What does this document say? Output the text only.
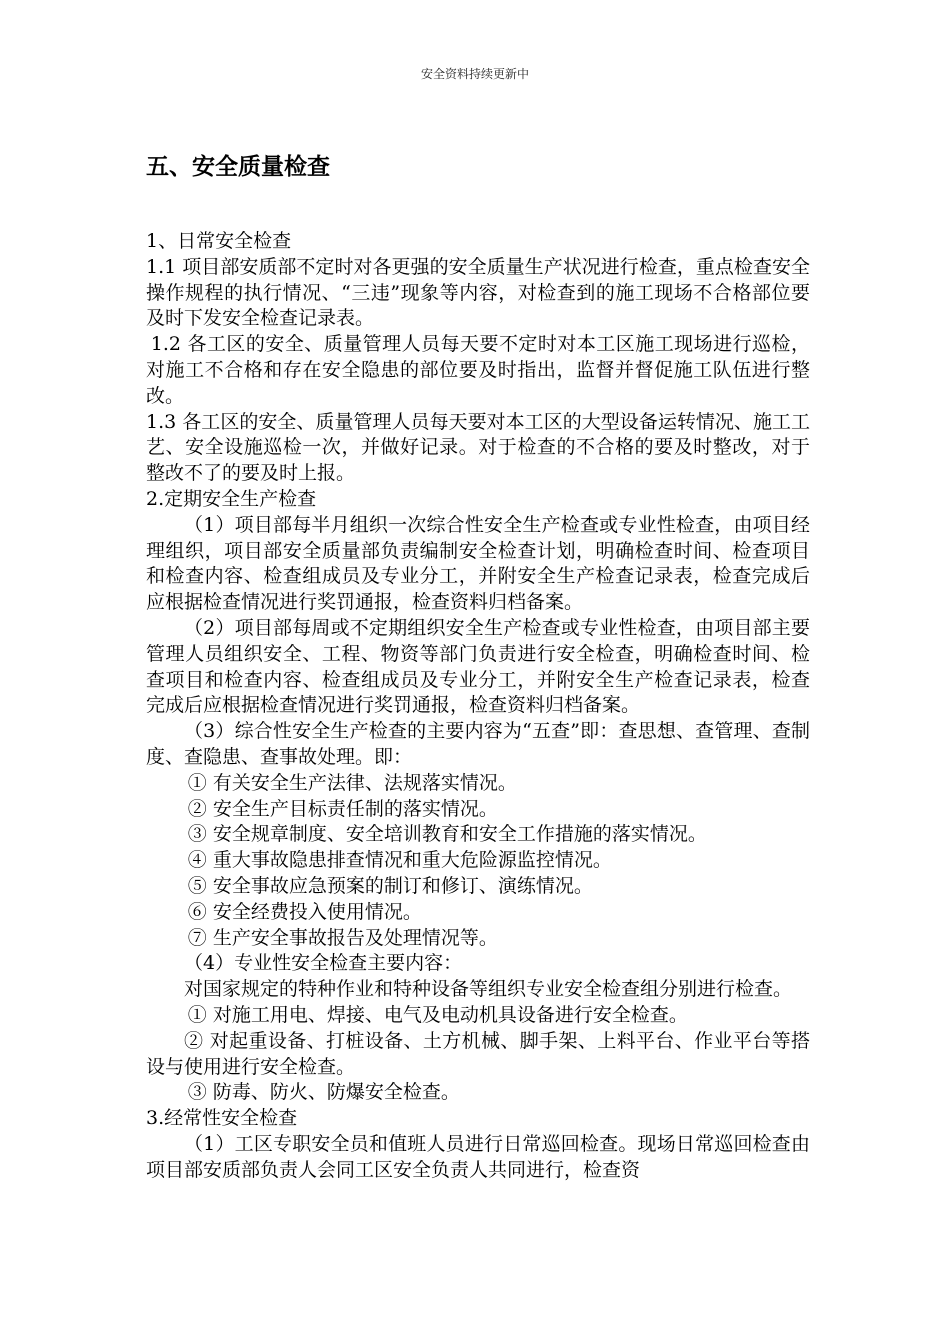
安全资料持续更新中
五、安全质量检查

1、日常安全检查

1.1 项目部安质部不定时对各更强的安全质量生产状况进行检查，重点检查安全操作规程的执行情况、“三违”现象等内容，对检查到的施工现场不合格部位要及时下发安全检查记录表。

1.2 各工区的安全、质量管理人员每天要不定时对本工区施工现场进行巡检，对施工不合格和存在安全隐患的部位要及时指出，监督并督促施工队伍进行整改。

1.3 各工区的安全、质量管理人员每天要对本工区的大型设备运转情况、施工工艺、安全设施巡检一次，并做好记录。对于检查的不合格的要及时整改，对于整改不了的要及时上报。

2.定期安全生产检查

（1）项目部每半月组织一次综合性安全生产检查或专业性检查，由项目经理组织，项目部安全质量部负责编制安全检查计划，明确检查时间、检查项目和检查内容、检查组成员及专业分工，并附安全生产检查记录表，检查完成后应根据检查情况进行奖罚通报，检查资料归档备案。

（2）项目部每周或不定期组织安全生产检查或专业性检查，由项目部主要管理人员组织安全、工程、物资等部门负责进行安全检查，明确检查时间、检查项目和检查内容、检查组成员及专业分工，并附安全生产检查记录表，检查完成后应根据检查情况进行奖罚通报，检查资料归档备案。

（3）综合性安全生产检查的主要内容为“五查”即：查思想、查管理、查制度、查隐患、查事故处理。即：

① 有关安全生产法律、法规落实情况。

② 安全生产目标责任制的落实情况。

③ 安全规章制度、安全培训教育和安全工作措施的落实情况。

④ 重大事故隐患排查情况和重大危险源监控情况。

⑤ 安全事故应急预案的制订和修订、演练情况。

⑥ 安全经费投入使用情况。

⑦ 生产安全事故报告及处理情况等。

（4）专业性安全检查主要内容：

对国家规定的特种作业和特种设备等组织专业安全检查组分别进行检查。

① 对施工用电、焊接、电气及电动机具设备进行安全检查。

② 对起重设备、打桩设备、土方机械、脚手架、上料平台、作业平台等搭设与使用进行安全检查。

③ 防毒、防火、防爆安全检查。

3.经常性安全检查

（1）工区专职安全员和值班人员进行日常巡回检查。现场日常巡回检查由项目部安质部负责人会同工区安全负责人共同进行，检查资
